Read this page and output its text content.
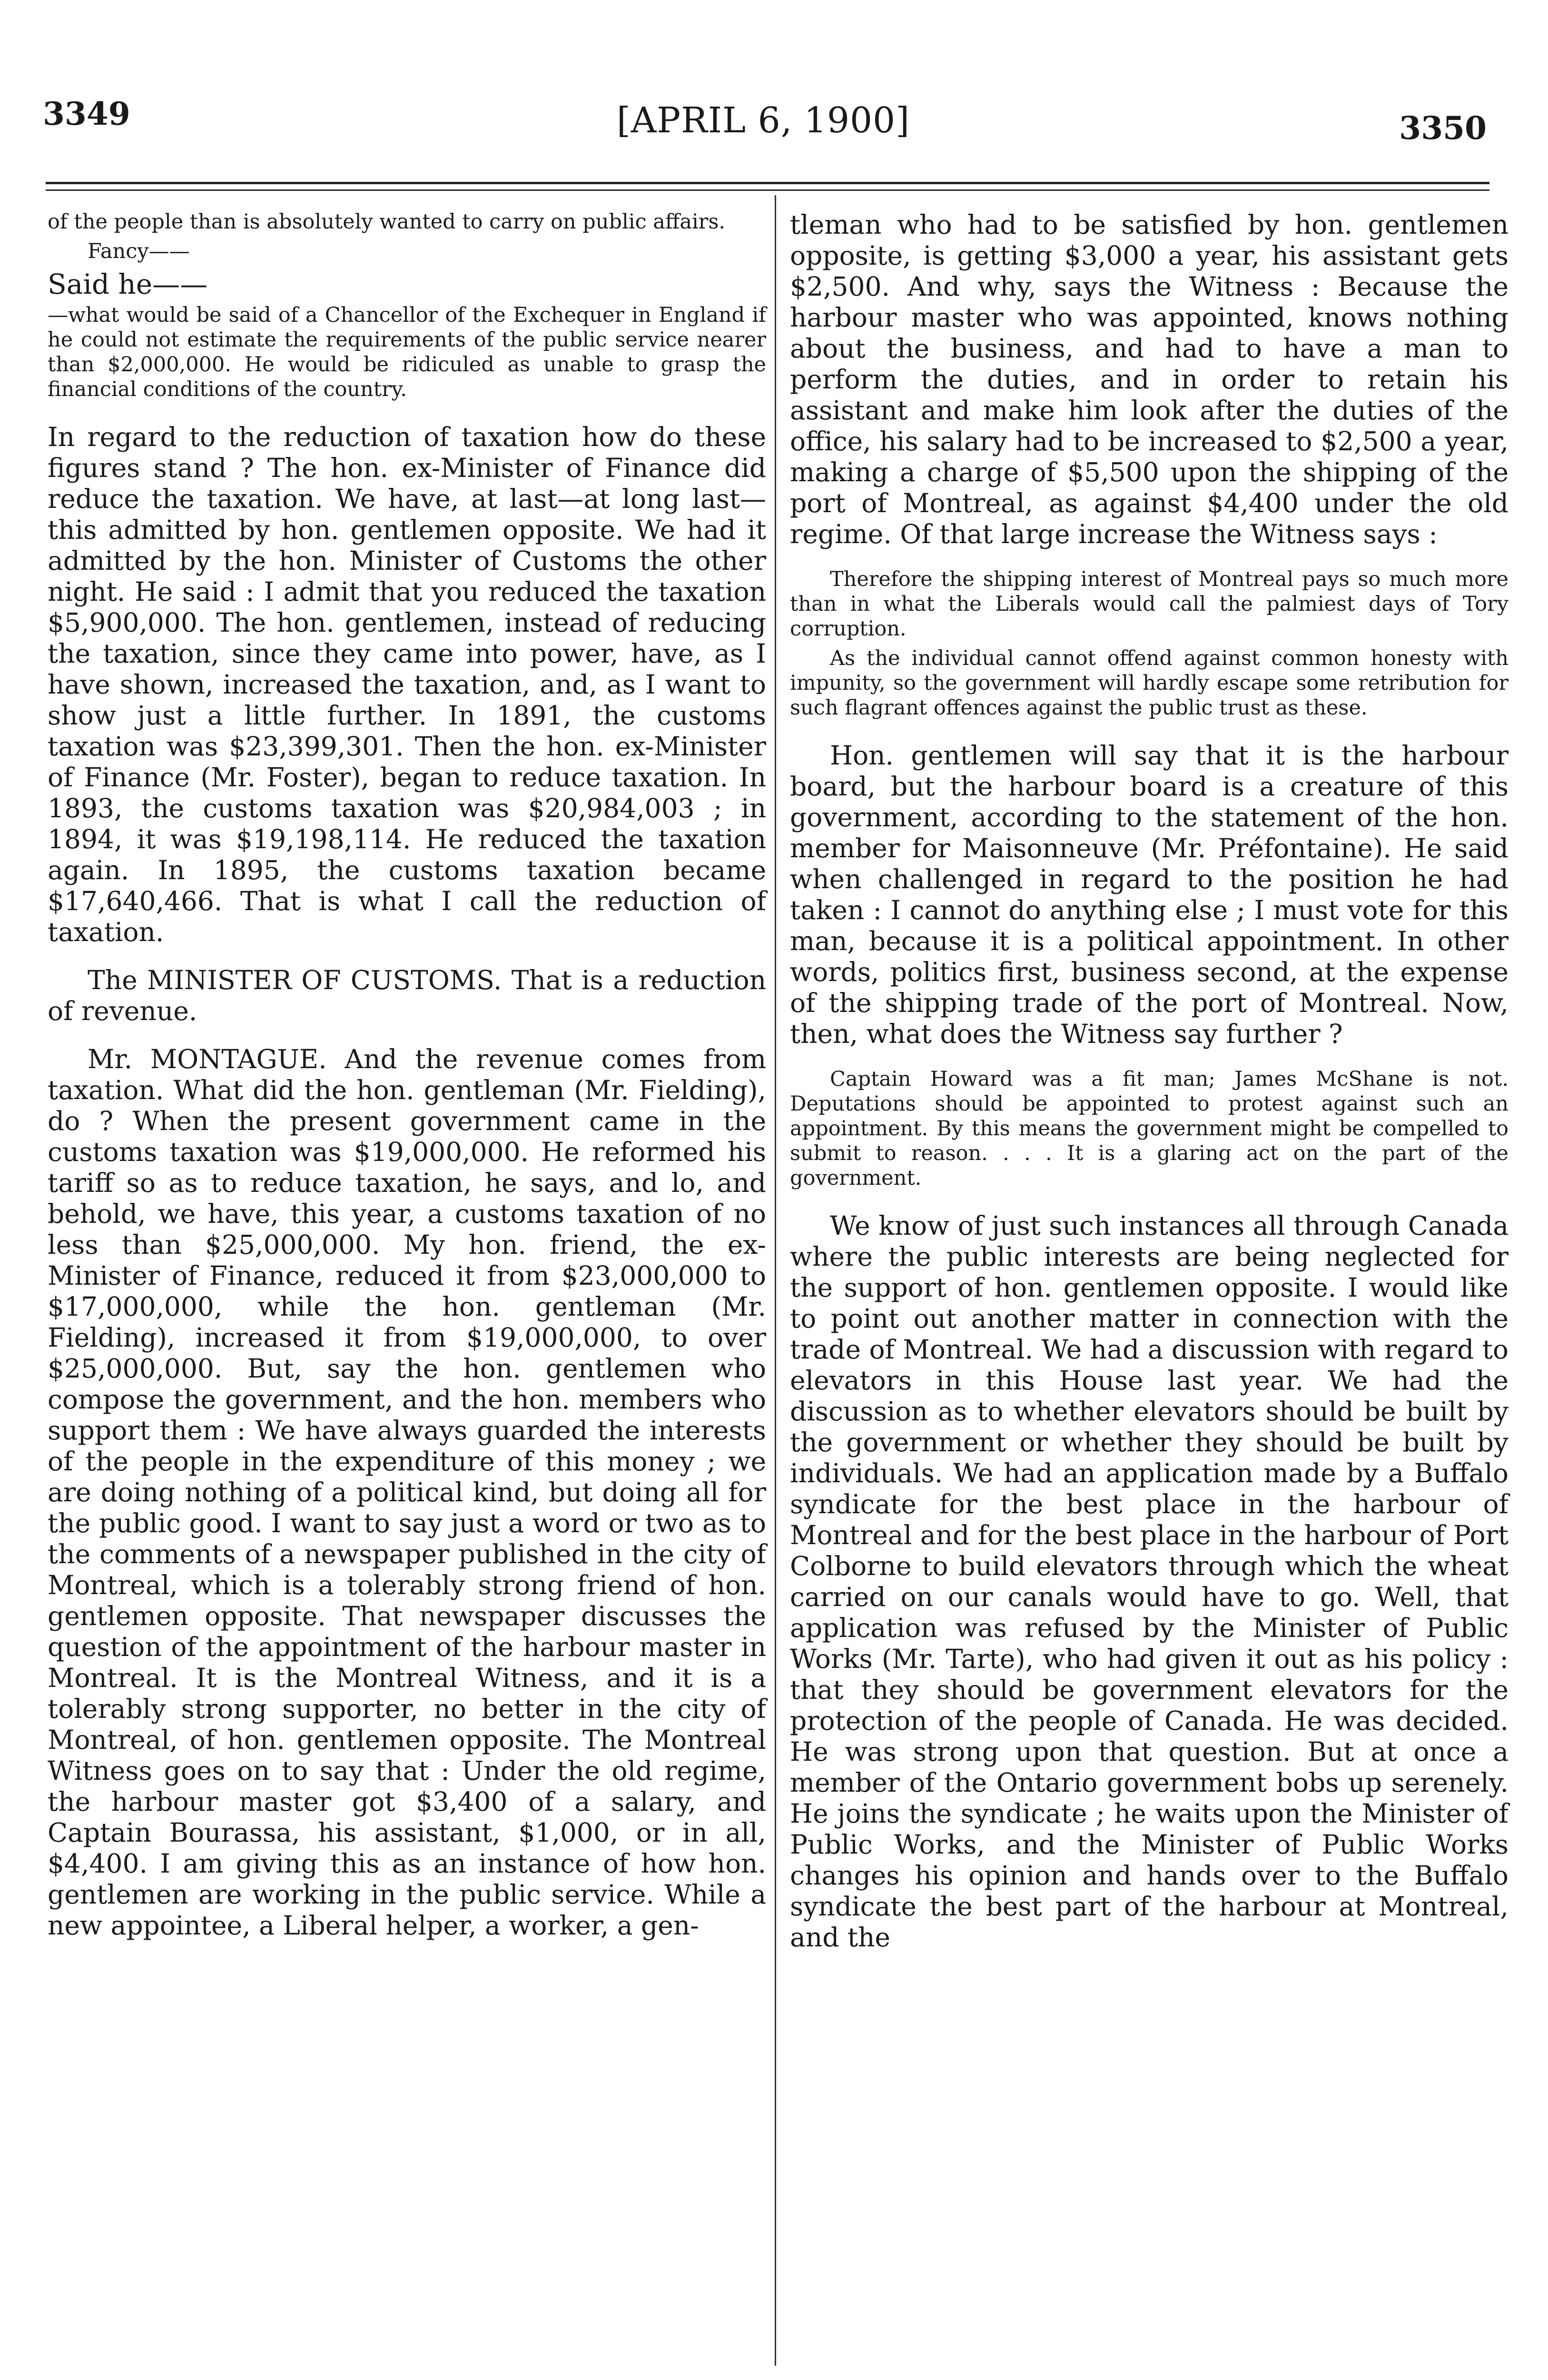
3349	[APRIL 6, 1900]	3350

of the people than is absolutely wanted to carry on public affairs.

Fancy——

Said he——

—what would be said of a Chancellor of the Exchequer in England if he could not estimate the requirements of the public service nearer than $2,000,000. He would be ridiculed as unable to grasp the financial conditions of the country.

In regard to the reduction of taxation how do these figures stand ? The hon. ex-Minister of Finance did reduce the taxation. We have, at last—at long last—this admitted by hon. gentlemen opposite. We had it admitted by the hon. Minister of Customs the other night. He said : I admit that you reduced the taxation $5,900,000. The hon. gentlemen, instead of reducing the taxation, since they came into power, have, as I have shown, increased the taxation, and, as I want to show just a little further. In 1891, the customs taxation was $23,399,301. Then the hon. ex-Minister of Finance (Mr. Foster), began to reduce taxation. In 1893, the customs taxation was $20,984,003 ; in 1894, it was $19,198,114. He reduced the taxation again. In 1895, the customs taxation became $17,640,466. That is what I call the reduction of taxation.

The MINISTER OF CUSTOMS. That is a reduction of revenue.

Mr. MONTAGUE. And the revenue comes from taxation. What did the hon. gentleman (Mr. Fielding), do ? When the present government came in the customs taxation was $19,000,000. He reformed his tariff so as to reduce taxation, he says, and lo, and behold, we have, this year, a customs taxation of no less than $25,000,000. My hon. friend, the ex-Minister of Finance, reduced it from $23,000,000 to $17,000,000, while the hon. gentleman (Mr. Fielding), increased it from $19,000,000, to over $25,000,000. But, say the hon. gentlemen who compose the government, and the hon. members who support them : We have always guarded the interests of the people in the expenditure of this money ; we are doing nothing of a political kind, but doing all for the public good. I want to say just a word or two as to the comments of a newspaper published in the city of Montreal, which is a tolerably strong friend of hon. gentlemen opposite. That newspaper discusses the question of the appointment of the harbour master in Montreal. It is the Montreal Witness, and it is a tolerably strong supporter, no better in the city of Montreal, of hon. gentlemen opposite. The Montreal Witness goes on to say that : Under the old regime, the harbour master got $3,400 of a salary, and Captain Bourassa, his assistant, $1,000, or in all, $4,400. I am giving this as an instance of how hon. gentlemen are working in the public service. While a new appointee, a Liberal helper, a worker, a gen-

tleman who had to be satisfied by hon. gentlemen opposite, is getting $3,000 a year, his assistant gets $2,500. And why, says the Witness : Because the harbour master who was appointed, knows nothing about the business, and had to have a man to perform the duties, and in order to retain his assistant and make him look after the duties of the office, his salary had to be increased to $2,500 a year, making a charge of $5,500 upon the shipping of the port of Montreal, as against $4,400 under the old regime. Of that large increase the Witness says :

Therefore the shipping interest of Montreal pays so much more than in what the Liberals would call the palmiest days of Tory corruption.

As the individual cannot offend against common honesty with impunity, so the government will hardly escape some retribution for such flagrant offences against the public trust as these.

Hon. gentlemen will say that it is the harbour board, but the harbour board is a creature of this government, according to the statement of the hon. member for Maisonneuve (Mr. Préfontaine). He said when challenged in regard to the position he had taken : I cannot do anything else ; I must vote for this man, because it is a political appointment. In other words, politics first, business second, at the expense of the shipping trade of the port of Montreal. Now, then, what does the Witness say further ?

Captain Howard was a fit man; James McShane is not. Deputations should be appointed to protest against such an appointment. By this means the government might be compelled to submit to reason. . . . It is a glaring act on the part of the government.

We know of just such instances all through Canada where the public interests are being neglected for the support of hon. gentlemen opposite. I would like to point out another matter in connection with the trade of Montreal. We had a discussion with regard to elevators in this House last year. We had the discussion as to whether elevators should be built by the government or whether they should be built by individuals. We had an application made by a Buffalo syndicate for the best place in the harbour of Montreal and for the best place in the harbour of Port Colborne to build elevators through which the wheat carried on our canals would have to go. Well, that application was refused by the Minister of Public Works (Mr. Tarte), who had given it out as his policy : that they should be government elevators for the protection of the people of Canada. He was decided. He was strong upon that question. But at once a member of the Ontario government bobs up serenely. He joins the syndicate ; he waits upon the Minister of Public Works, and the Minister of Public Works changes his opinion and hands over to the Buffalo syndicate the best part of the harbour at Montreal, and the
